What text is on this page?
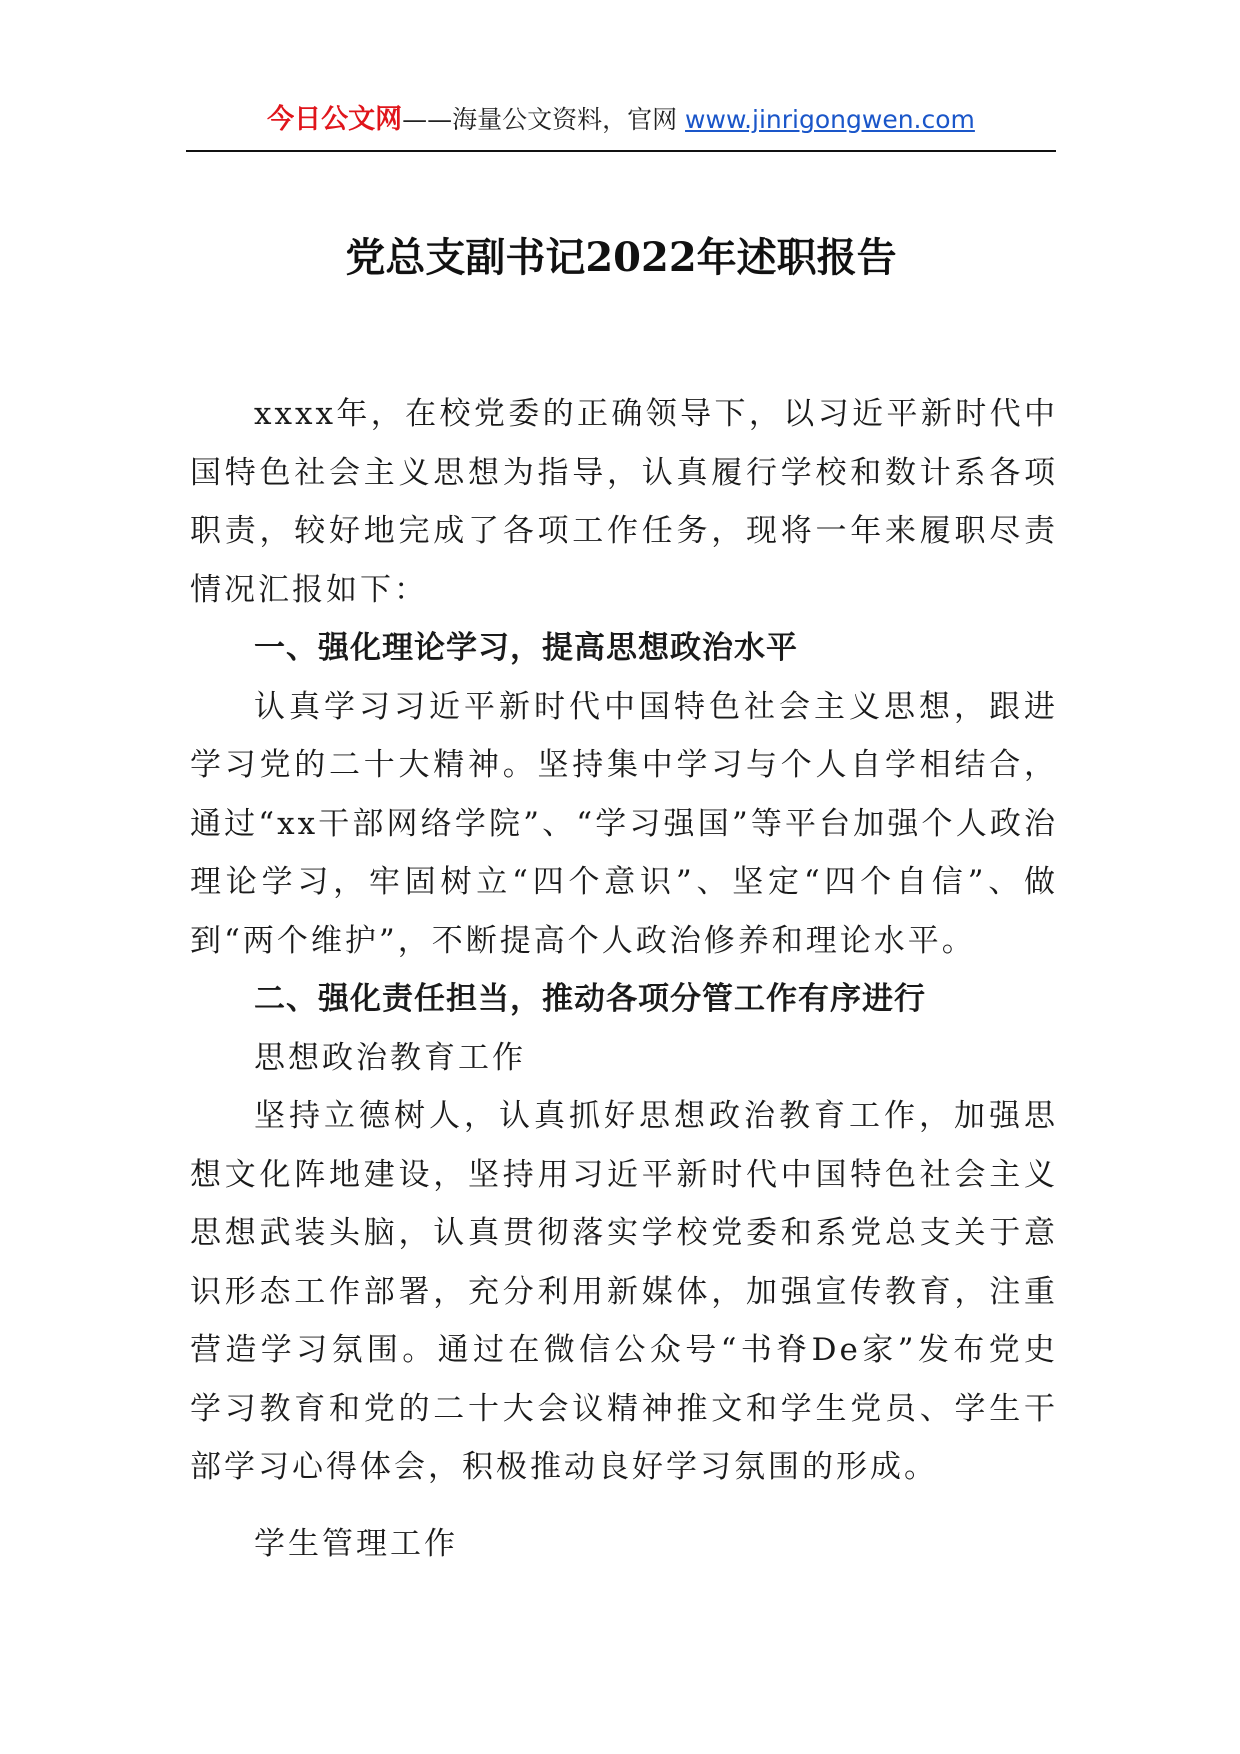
今日公文网——海量公文资料，官网 www.jinrigongwen.com
党总支副书记2022年述职报告

xxxx年，在校党委的正确领导下，以习近平新时代中国特色社会主义思想为指导，认真履行学校和数计系各项职责，较好地完成了各项工作任务，现将一年来履职尽责情况汇报如下：

一、强化理论学习，提高思想政治水平

认真学习习近平新时代中国特色社会主义思想，跟进学习党的二十大精神。坚持集中学习与个人自学相结合，通过“xx干部网络学院”、“学习强国”等平台加强个人政治理论学习，牢固树立“四个意识”、坚定“四个自信”、做到“两个维护”，不断提高个人政治修养和理论水平。

二、强化责任担当，推动各项分管工作有序进行
思想政治教育工作

坚持立德树人，认真抓好思想政治教育工作，加强思想文化阵地建设，坚持用习近平新时代中国特色社会主义思想武装头脑，认真贯彻落实学校党委和系党总支关于意识形态工作部署，充分利用新媒体，加强宣传教育，注重营造学习氛围。通过在微信公众号“书脊De家”发布党史学习教育和党的二十大会议精神推文和学生党员、学生干部学习心得体会，积极推动良好学习氛围的形成。

学生管理工作
